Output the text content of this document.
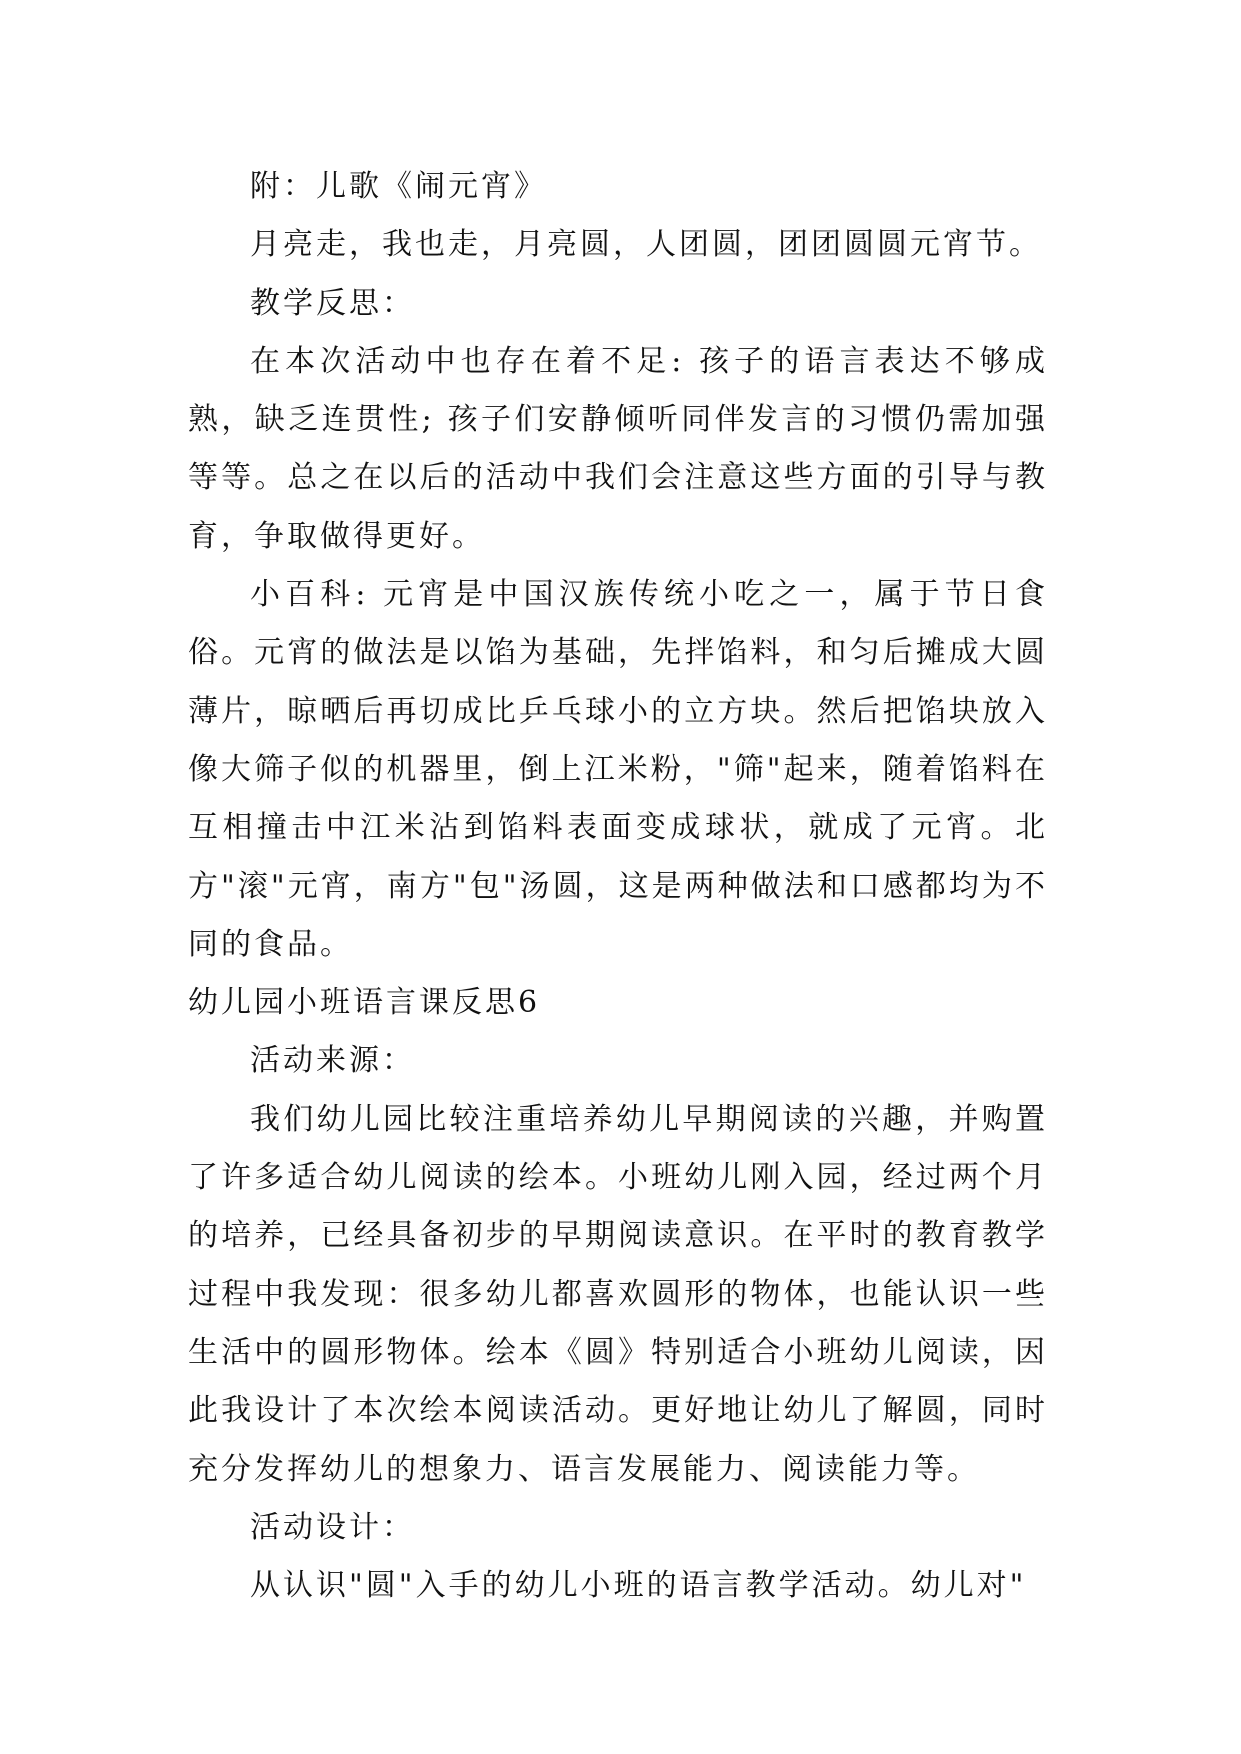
附：儿歌《闹元宵》

月亮走，我也走，月亮圆，人团圆，团团圆圆元宵节。

教学反思：

在本次活动中也存在着不足: 孩子的语言表达不够成熟，缺乏连贯性; 孩子们安静倾听同伴发言的习惯仍需加强等等。总之在以后的活动中我们会注意这些方面的引导与教育，争取做得更好。

小百科: 元宵是中国汉族传统小吃之一，属于节日食俗。元宵的做法是以馅为基础，先拌馅料，和匀后摊成大圆薄片，晾晒后再切成比乒乓球小的立方块。然后把馅块放入像大筛子似的机器里，倒上江米粉，"筛"起来，随着馅料在互相撞击中江米沾到馅料表面变成球状，就成了元宵。北方"滚"元宵，南方"包"汤圆，这是两种做法和口感都均为不同的食品。

幼儿园小班语言课反思6

活动来源：

我们幼儿园比较注重培养幼儿早期阅读的兴趣，并购置了许多适合幼儿阅读的绘本。小班幼儿刚入园，经过两个月的培养，已经具备初步的早期阅读意识。在平时的教育教学过程中我发现：很多幼儿都喜欢圆形的物体，也能认识一些生活中的圆形物体。绘本《圆》特别适合小班幼儿阅读，因此我设计了本次绘本阅读活动。更好地让幼儿了解圆，同时充分发挥幼儿的想象力、语言发展能力、阅读能力等。

活动设计：

从认识"圆"入手的幼儿小班的语言教学活动。幼儿对"
